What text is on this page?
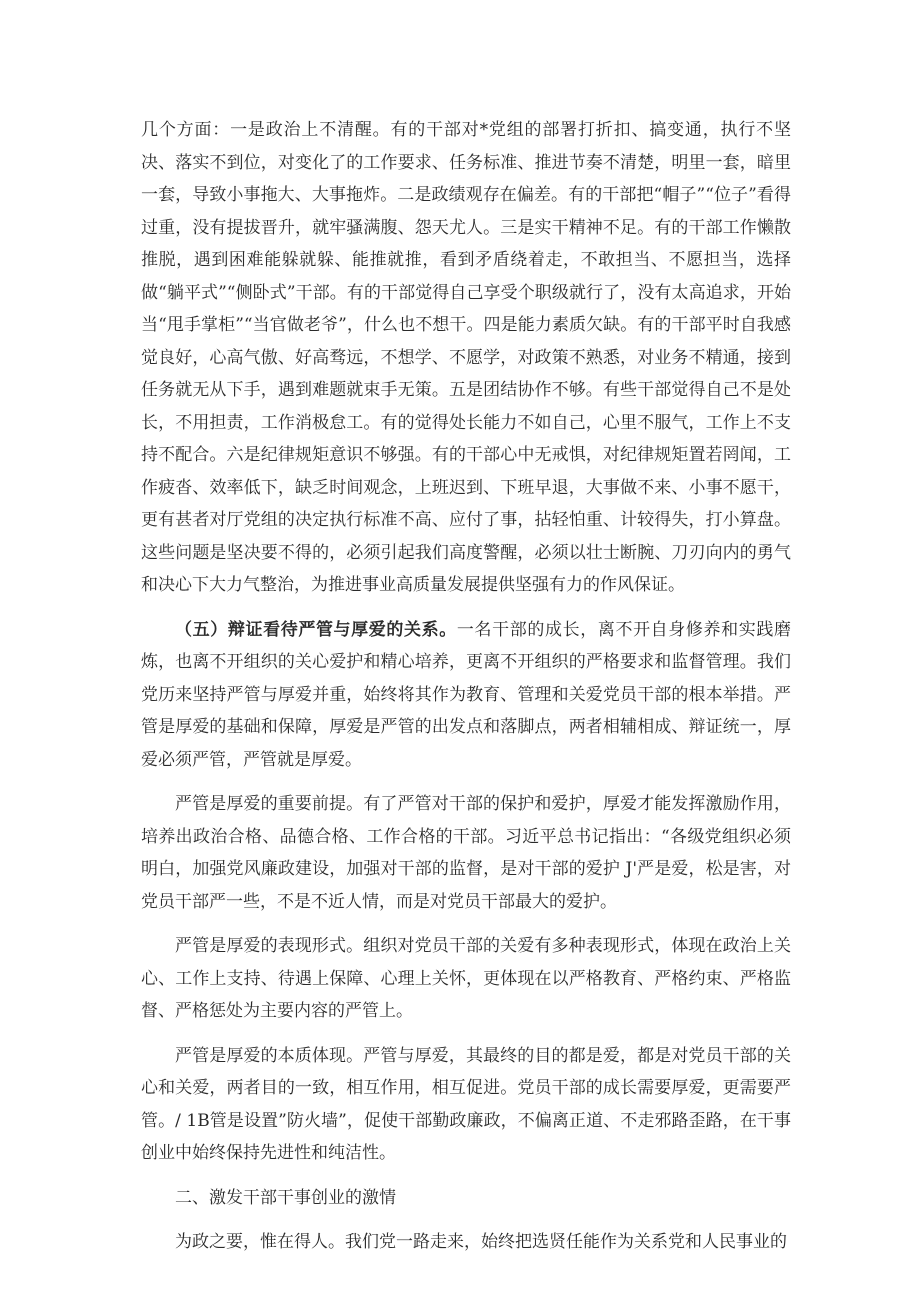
几个方面：一是政治上不清醒。有的干部对*党组的部署打折扣、搞变通，执行不坚决、落实不到位，对变化了的工作要求、任务标准、推进节奏不清楚，明里一套，暗里一套，导致小事拖大、大事拖炸。二是政绩观存在偏差。有的干部把“帽子”“位子”看得过重，没有提拔晋升，就牢骚满腹、怨天尤人。三是实干精神不足。有的干部工作懒散推脱，遇到困难能躲就躲、能推就推，看到矛盾绕着走，不敢担当、不愿担当，选择做“躺平式”“侧卧式”干部。有的干部觉得自己享受个职级就行了，没有太高追求，开始当“甩手掌柜”“当官做老爷”，什么也不想干。四是能力素质欠缺。有的干部平时自我感觉良好，心高气傲、好高骛远，不想学、不愿学，对政策不熟悉，对业务不精通，接到任务就无从下手，遇到难题就束手无策。五是团结协作不够。有些干部觉得自己不是处长，不用担责，工作消极怠工。有的觉得处长能力不如自己，心里不服气，工作上不支持不配合。六是纪律规矩意识不够强。有的干部心中无戒惧，对纪律规矩置若罔闻，工作疲沓、效率低下，缺乏时间观念，上班迟到、下班早退，大事做不来、小事不愿干，更有甚者对厅党组的决定执行标准不高、应付了事，拈轻怕重、计较得失，打小算盘。这些问题是坚决要不得的，必须引起我们高度警醒，必须以壮士断腕、刀刃向内的勇气和决心下大力气整治，为推进事业高质量发展提供坚强有力的作风保证。

（五）辩证看待严管与厚爱的关系。一名干部的成长，离不开自身修养和实践磨炼，也离不开组织的关心爱护和精心培养，更离不开组织的严格要求和监督管理。我们党历来坚持严管与厚爱并重，始终将其作为教育、管理和关爱党员干部的根本举措。严管是厚爱的基础和保障，厚爱是严管的出发点和落脚点，两者相辅相成、辩证统一，厚爱必须严管，严管就是厚爱。

严管是厚爱的重要前提。有了严管对干部的保护和爱护，厚爱才能发挥激励作用，培养出政治合格、品德合格、工作合格的干部。习近平总书记指出：“各级党组织必须明白，加强党风廉政建设，加强对干部的监督，是对干部的爱护 J'严是爱，松是害，对党员干部严一些，不是不近人情，而是对党员干部最大的爱护。

严管是厚爱的表现形式。组织对党员干部的关爱有多种表现形式，体现在政治上关心、工作上支持、待遇上保障、心理上关怀，更体现在以严格教育、严格约束、严格监督、严格惩处为主要内容的严管上。

严管是厚爱的本质体现。严管与厚爱，其最终的目的都是爱，都是对党员干部的关心和关爱，两者目的一致，相互作用，相互促进。党员干部的成长需要厚爱，更需要严管。/ 1B管是设置”防火墙”，促使干部勤政廉政，不偏离正道、不走邪路歪路，在干事创业中始终保持先进性和纯洁性。

二、激发干部干事创业的激情

为政之要，惟在得人。我们党一路走来，始终把选贤任能作为关系党和人民事业的
